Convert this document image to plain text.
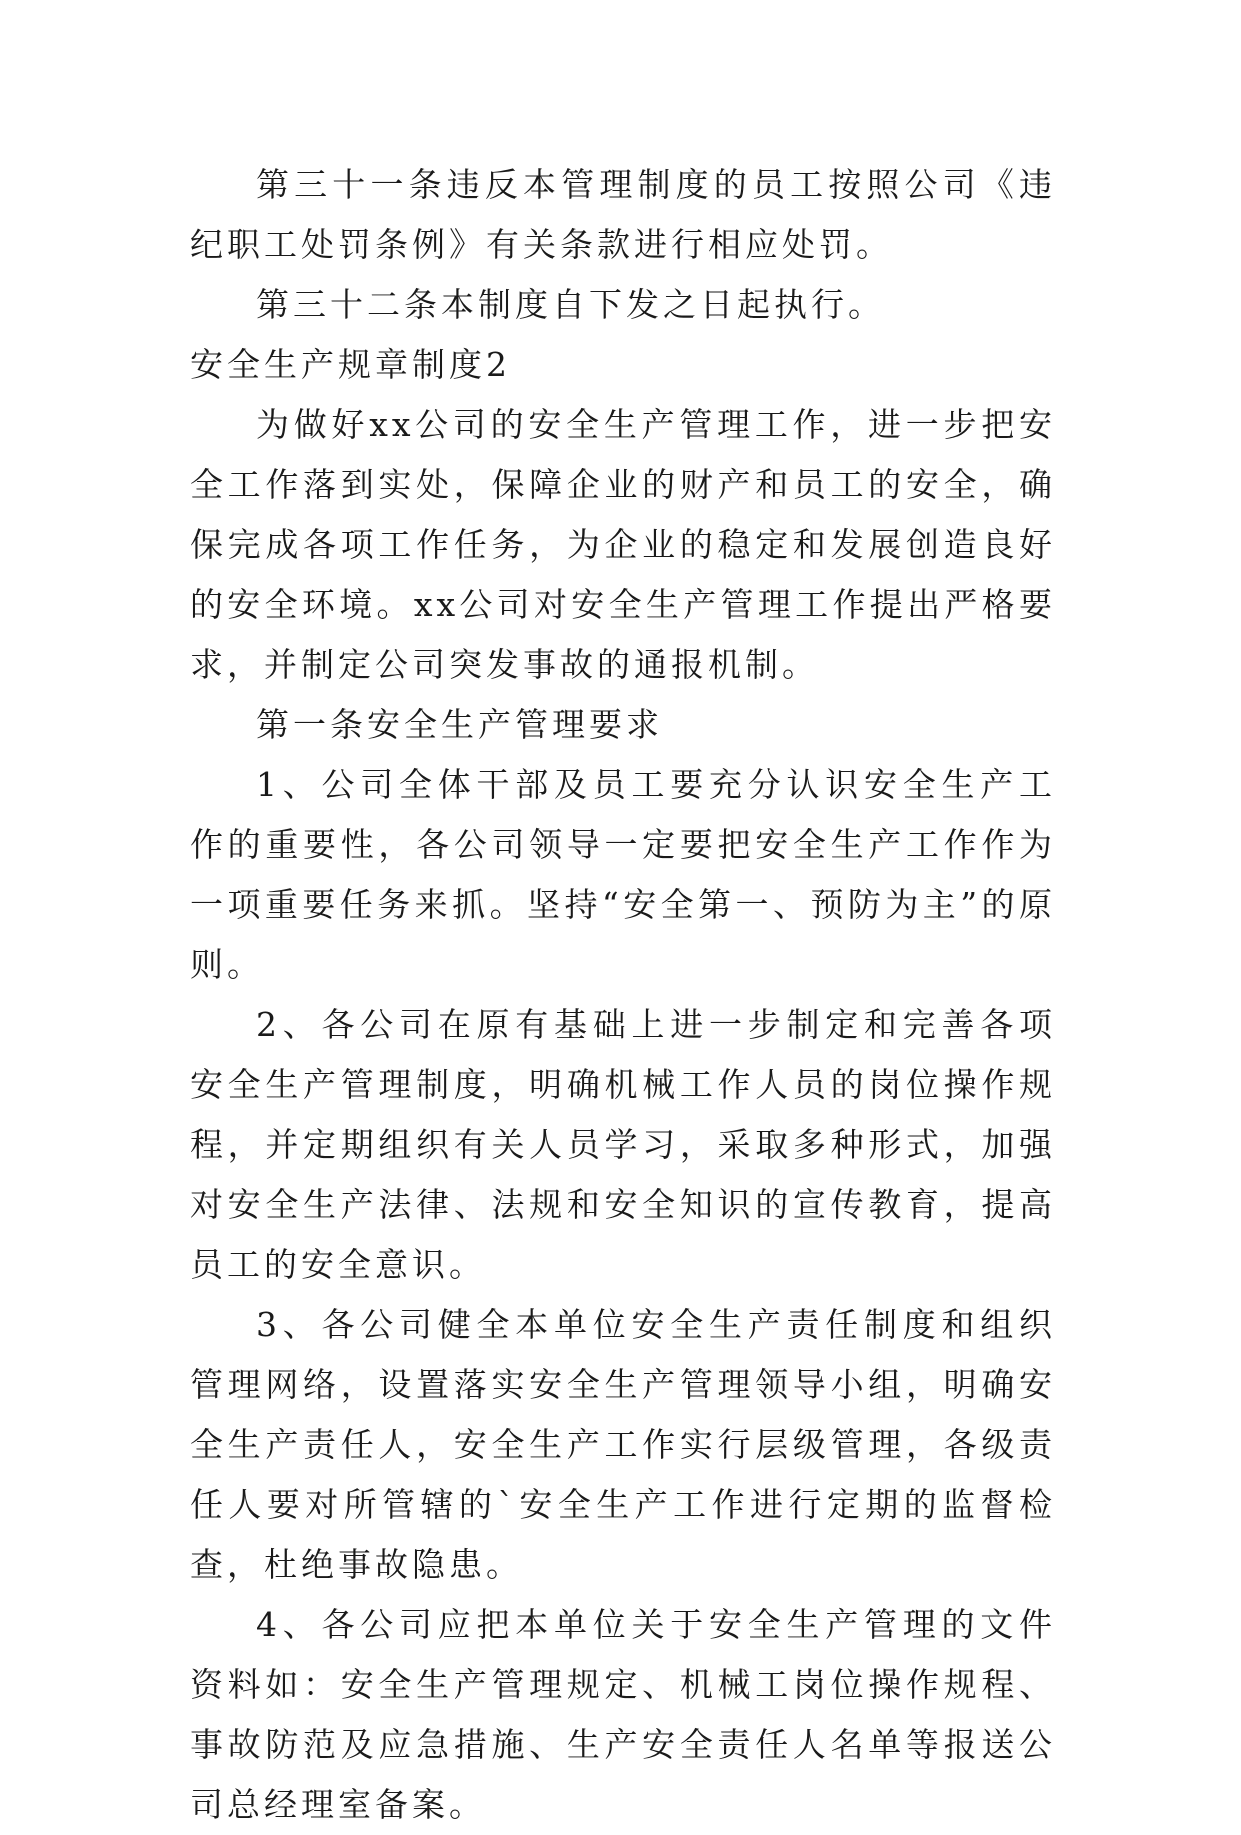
第三十一条违反本管理制度的员工按照公司《违纪职工处罚条例》有关条款进行相应处罚。

第三十二条本制度自下发之日起执行。

安全生产规章制度2

为做好xx公司的安全生产管理工作，进一步把安全工作落到实处，保障企业的财产和员工的安全，确保完成各项工作任务，为企业的稳定和发展创造良好的安全环境。xx公司对安全生产管理工作提出严格要求，并制定公司突发事故的通报机制。

第一条安全生产管理要求

1、公司全体干部及员工要充分认识安全生产工作的重要性，各公司领导一定要把安全生产工作作为一项重要任务来抓。坚持“安全第一、预防为主”的原则。

2、各公司在原有基础上进一步制定和完善各项安全生产管理制度，明确机械工作人员的岗位操作规程，并定期组织有关人员学习，采取多种形式，加强对安全生产法律、法规和安全知识的宣传教育，提高员工的安全意识。

3、各公司健全本单位安全生产责任制度和组织管理网络，设置落实安全生产管理领导小组，明确安全生产责任人，安全生产工作实行层级管理，各级责任人要对所管辖的`安全生产工作进行定期的监督检查，杜绝事故隐患。

4、各公司应把本单位关于安全生产管理的文件资料如：安全生产管理规定、机械工岗位操作规程、事故防范及应急措施、生产安全责任人名单等报送公司总经理室备案。
